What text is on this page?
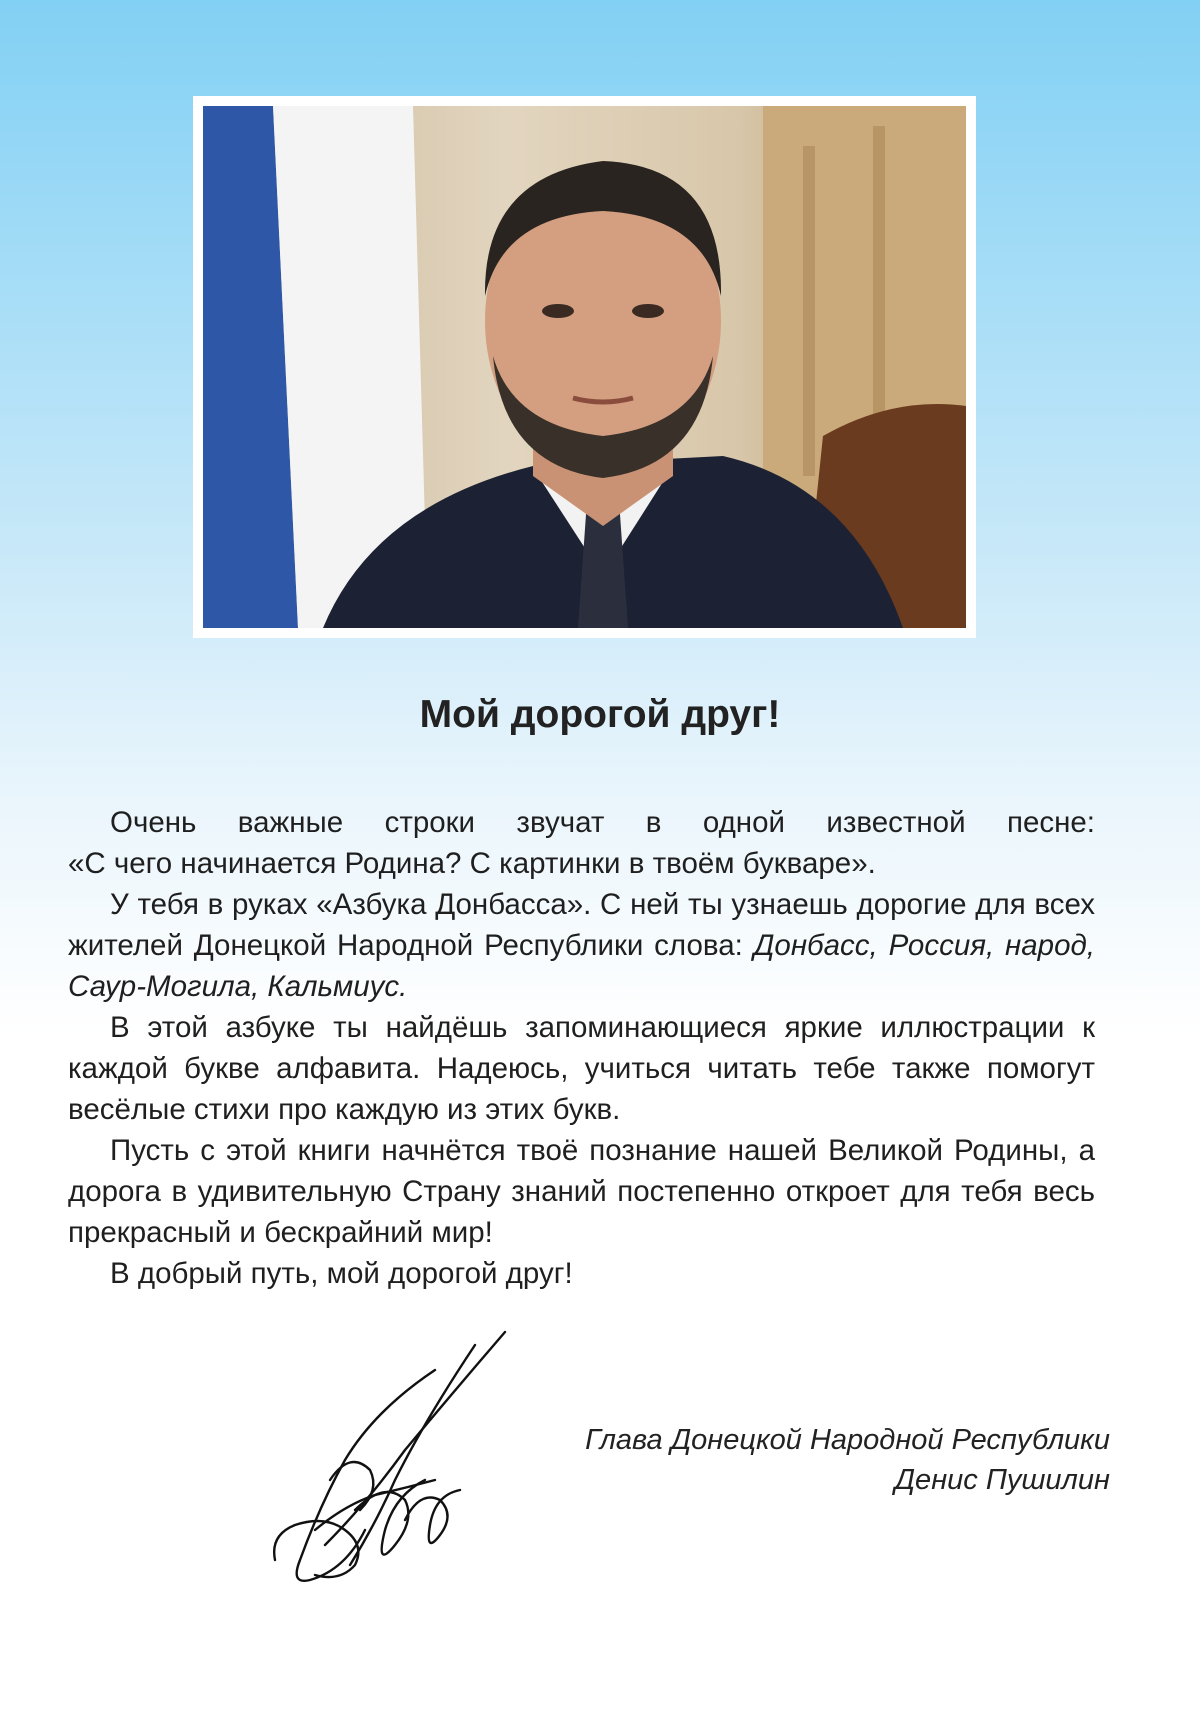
Мой дорогой друг!

Очень важные строки звучат в одной известной песне:

«С чего начинается Родина? С картинки в твоём букваре».

У тебя в руках «Азбука Донбасса». С ней ты узнаешь дорогие для всех жителей Донецкой Народной Республики слова: Донбасс, Россия, народ, Саур-Могила, Кальмиус.

В этой азбуке ты найдёшь запоминающиеся яркие иллюстрации к каждой букве алфавита. Надеюсь, учиться читать тебе также помогут весёлые стихи про каждую из этих букв.

Пусть с этой книги начнётся твоё познание нашей Великой Родины, а дорога в удивительную Страну знаний постепенно откроет для тебя весь прекрасный и бескрайний мир!

В добрый путь, мой дорогой друг!

Глава Донецкой Народной Республики
Денис Пушилин
